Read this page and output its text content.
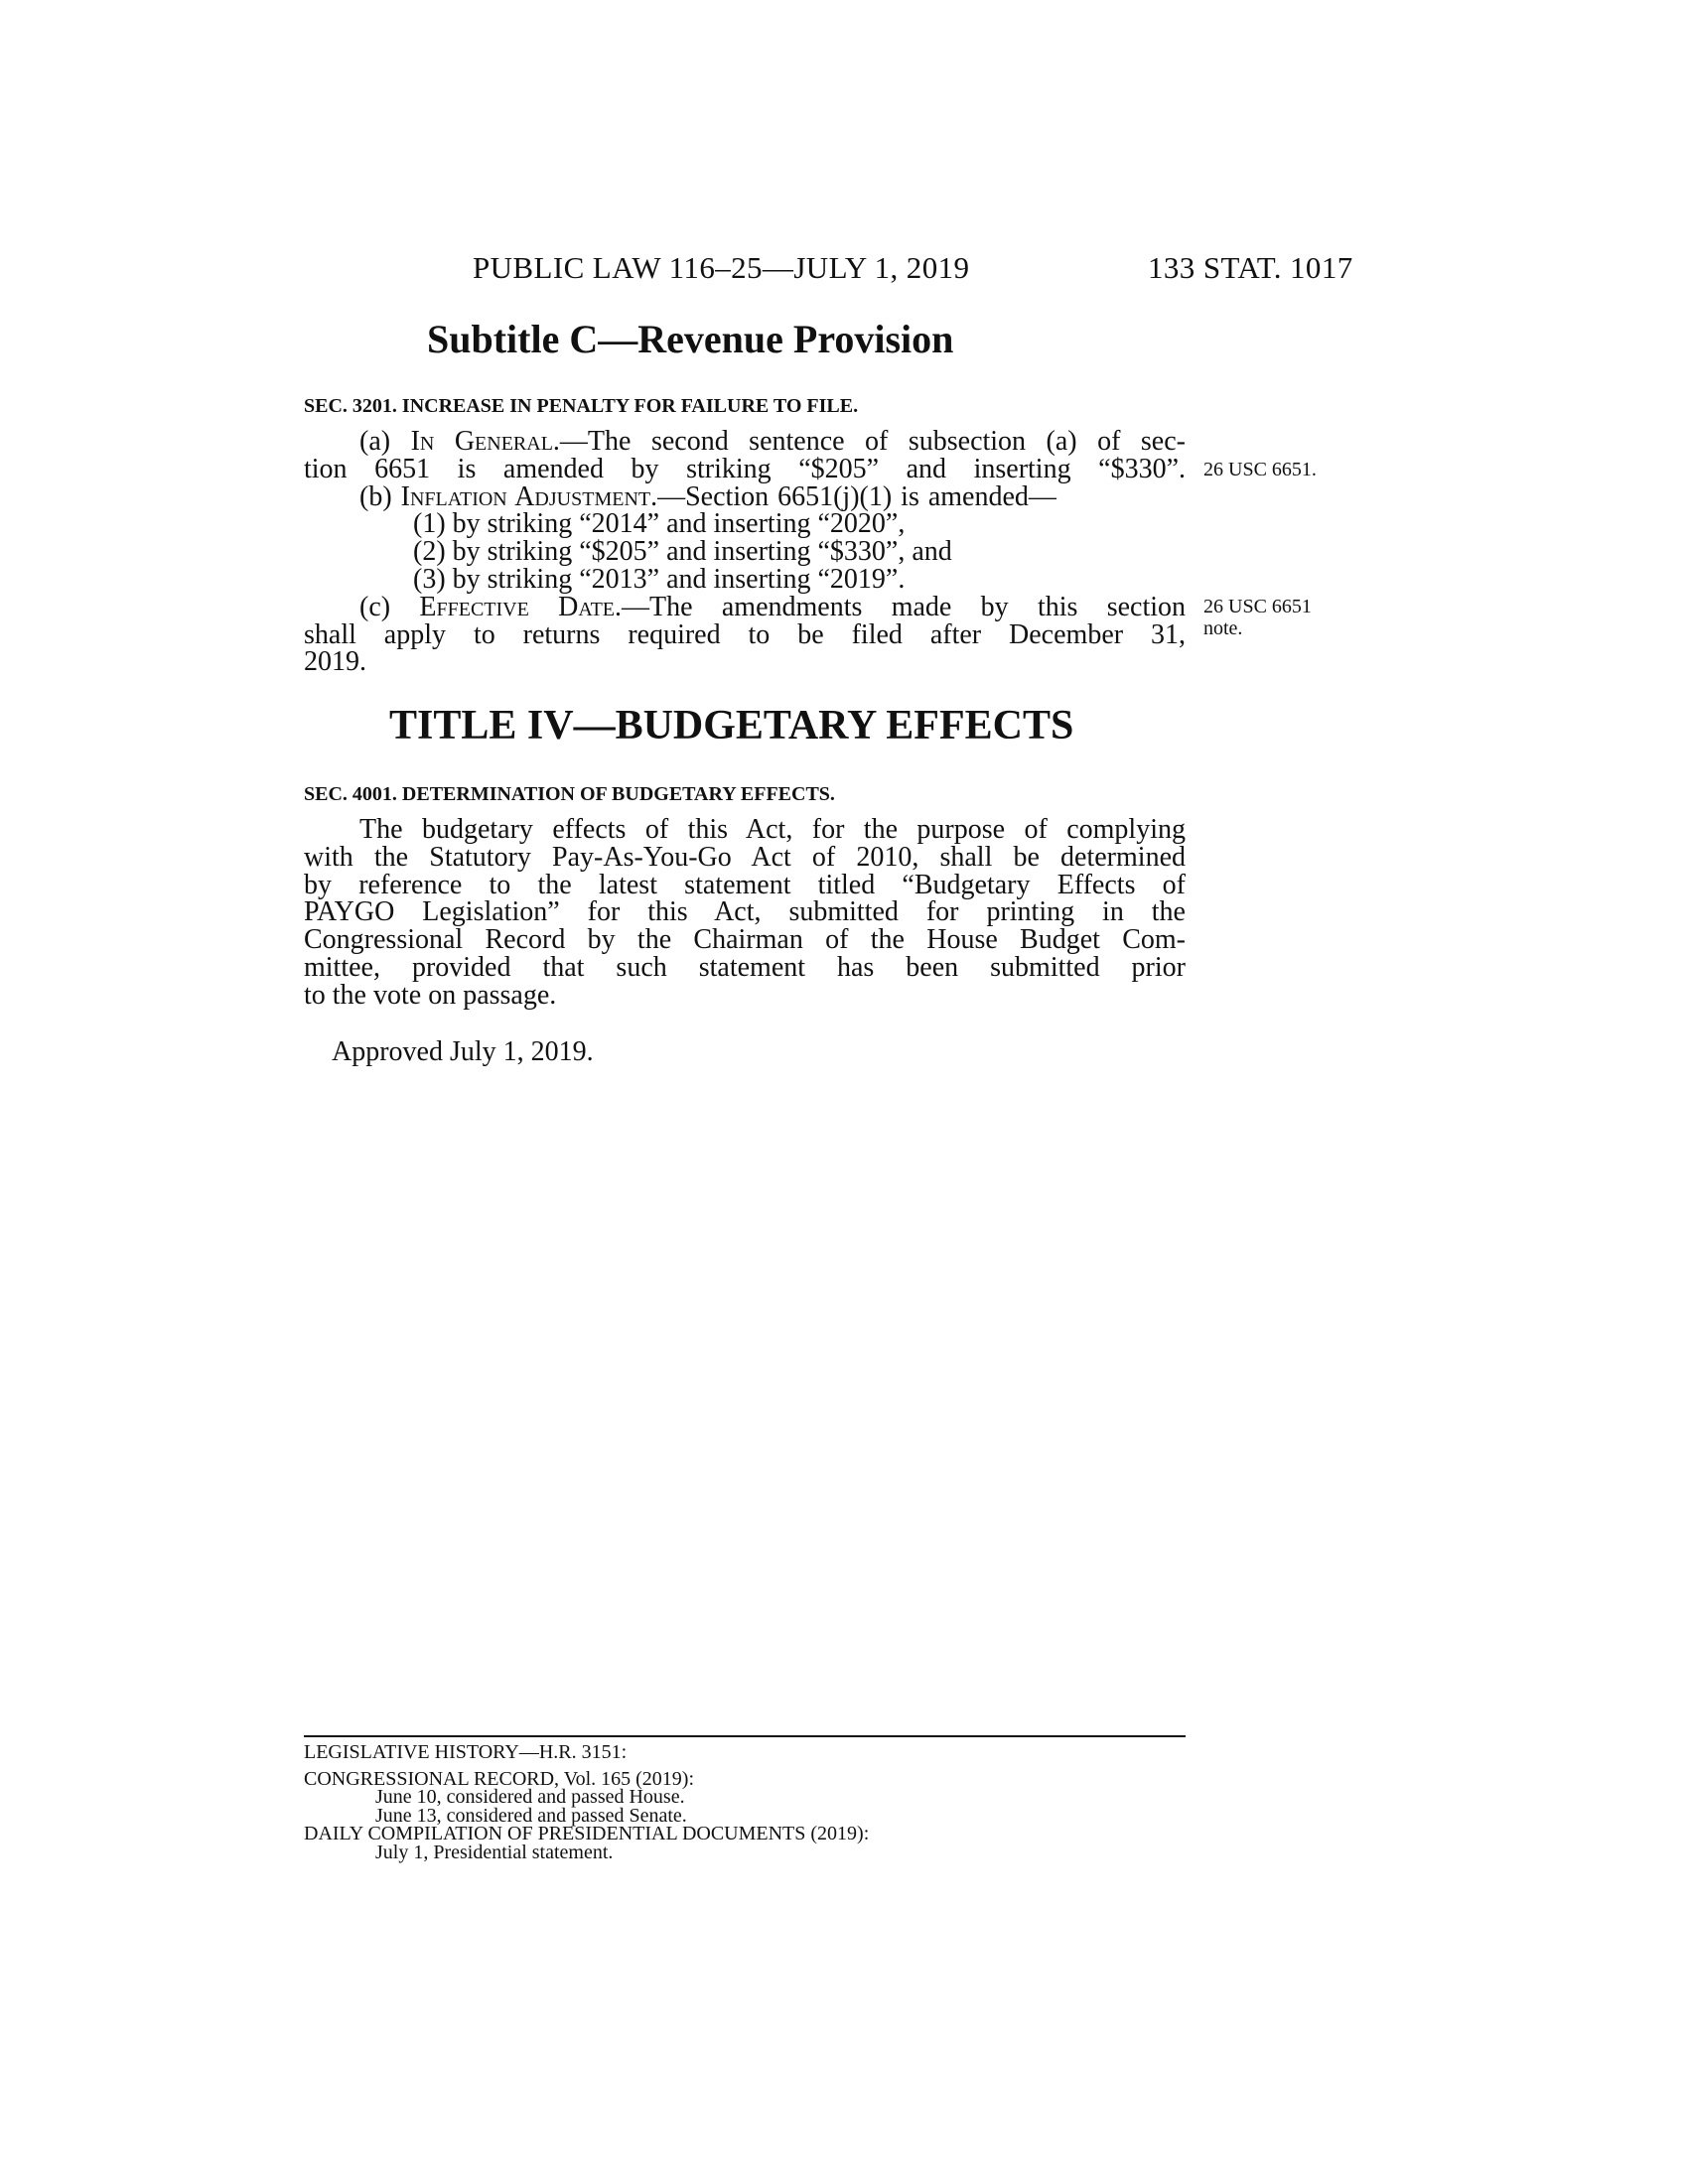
PUBLIC LAW 116–25—JULY 1, 2019	133 STAT. 1017
Subtitle C—Revenue Provision
SEC. 3201. INCREASE IN PENALTY FOR FAILURE TO FILE.
(a) In General.—The second sentence of subsection (a) of sec-
tion 6651 is amended by striking “$205” and inserting “$330”.
(b) Inflation Adjustment.—Section 6651(j)(1) is amended—
(1) by striking “2014” and inserting “2020”,
(2) by striking “$205” and inserting “$330”, and
(3) by striking “2013” and inserting “2019”.
(c) Effective Date.—The amendments made by this section
shall apply to returns required to be filed after December 31,
2019.
26 USC 6651.
26 USC 6651
note.
TITLE IV—BUDGETARY EFFECTS
SEC. 4001. DETERMINATION OF BUDGETARY EFFECTS.
The budgetary effects of this Act, for the purpose of complying
with the Statutory Pay-As-You-Go Act of 2010, shall be determined
by reference to the latest statement titled “Budgetary Effects of
PAYGO Legislation” for this Act, submitted for printing in the
Congressional Record by the Chairman of the House Budget Com-
mittee, provided that such statement has been submitted prior
to the vote on passage.
Approved July 1, 2019.
LEGISLATIVE HISTORY—H.R. 3151:
CONGRESSIONAL RECORD, Vol. 165 (2019):
June 10, considered and passed House.
June 13, considered and passed Senate.
DAILY COMPILATION OF PRESIDENTIAL DOCUMENTS (2019):
July 1, Presidential statement.
